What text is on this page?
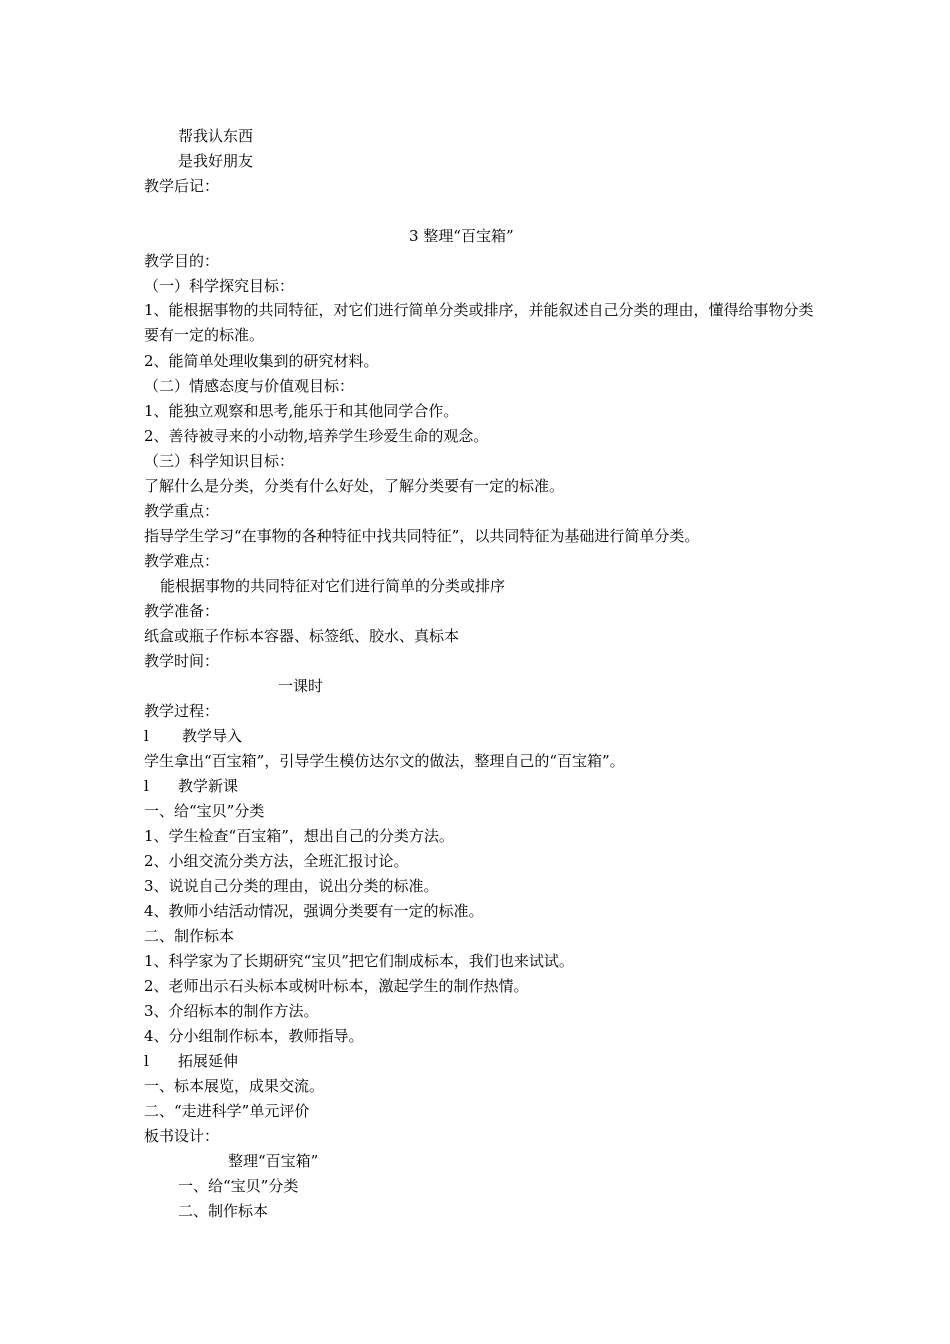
帮我认东西
是我好朋友
教学后记：
3 整理“百宝箱”
教学目的：
（一）科学探究目标：
1、能根据事物的共同特征，对它们进行简单分类或排序，并能叙述自己分类的理由，懂得给事物分类要有一定的标准。
2、能简单处理收集到的研究材料。
（二）情感态度与价值观目标：
1、能独立观察和思考,能乐于和其他同学合作。
2、善待被寻来的小动物,培养学生珍爱生命的观念。
（三）科学知识目标：
了解什么是分类，分类有什么好处，了解分类要有一定的标准。
教学重点：
指导学生学习“在事物的各种特征中找共同特征”，以共同特征为基础进行简单分类。
教学难点：
能根据事物的共同特征对它们进行简单的分类或排序
教学准备：
纸盒或瓶子作标本容器、标签纸、胶水、真标本
教学时间：
一课时
教学过程：
l 教学导入
学生拿出“百宝箱”，引导学生模仿达尔文的做法，整理自己的“百宝箱”。
l 教学新课
一、给“宝贝”分类
1、学生检查“百宝箱”，想出自己的分类方法。
2、小组交流分类方法，全班汇报讨论。
3、说说自己分类的理由，说出分类的标准。
4、教师小结活动情况，强调分类要有一定的标准。
二、制作标本
1、科学家为了长期研究“宝贝”把它们制成标本，我们也来试试。
2、老师出示石头标本或树叶标本，激起学生的制作热情。
3、介绍标本的制作方法。
4、分小组制作标本，教师指导。
l 拓展延伸
一、标本展览，成果交流。
二、“走进科学”单元评价
板书设计：
整理“百宝箱”
一、给“宝贝”分类
二、制作标本
